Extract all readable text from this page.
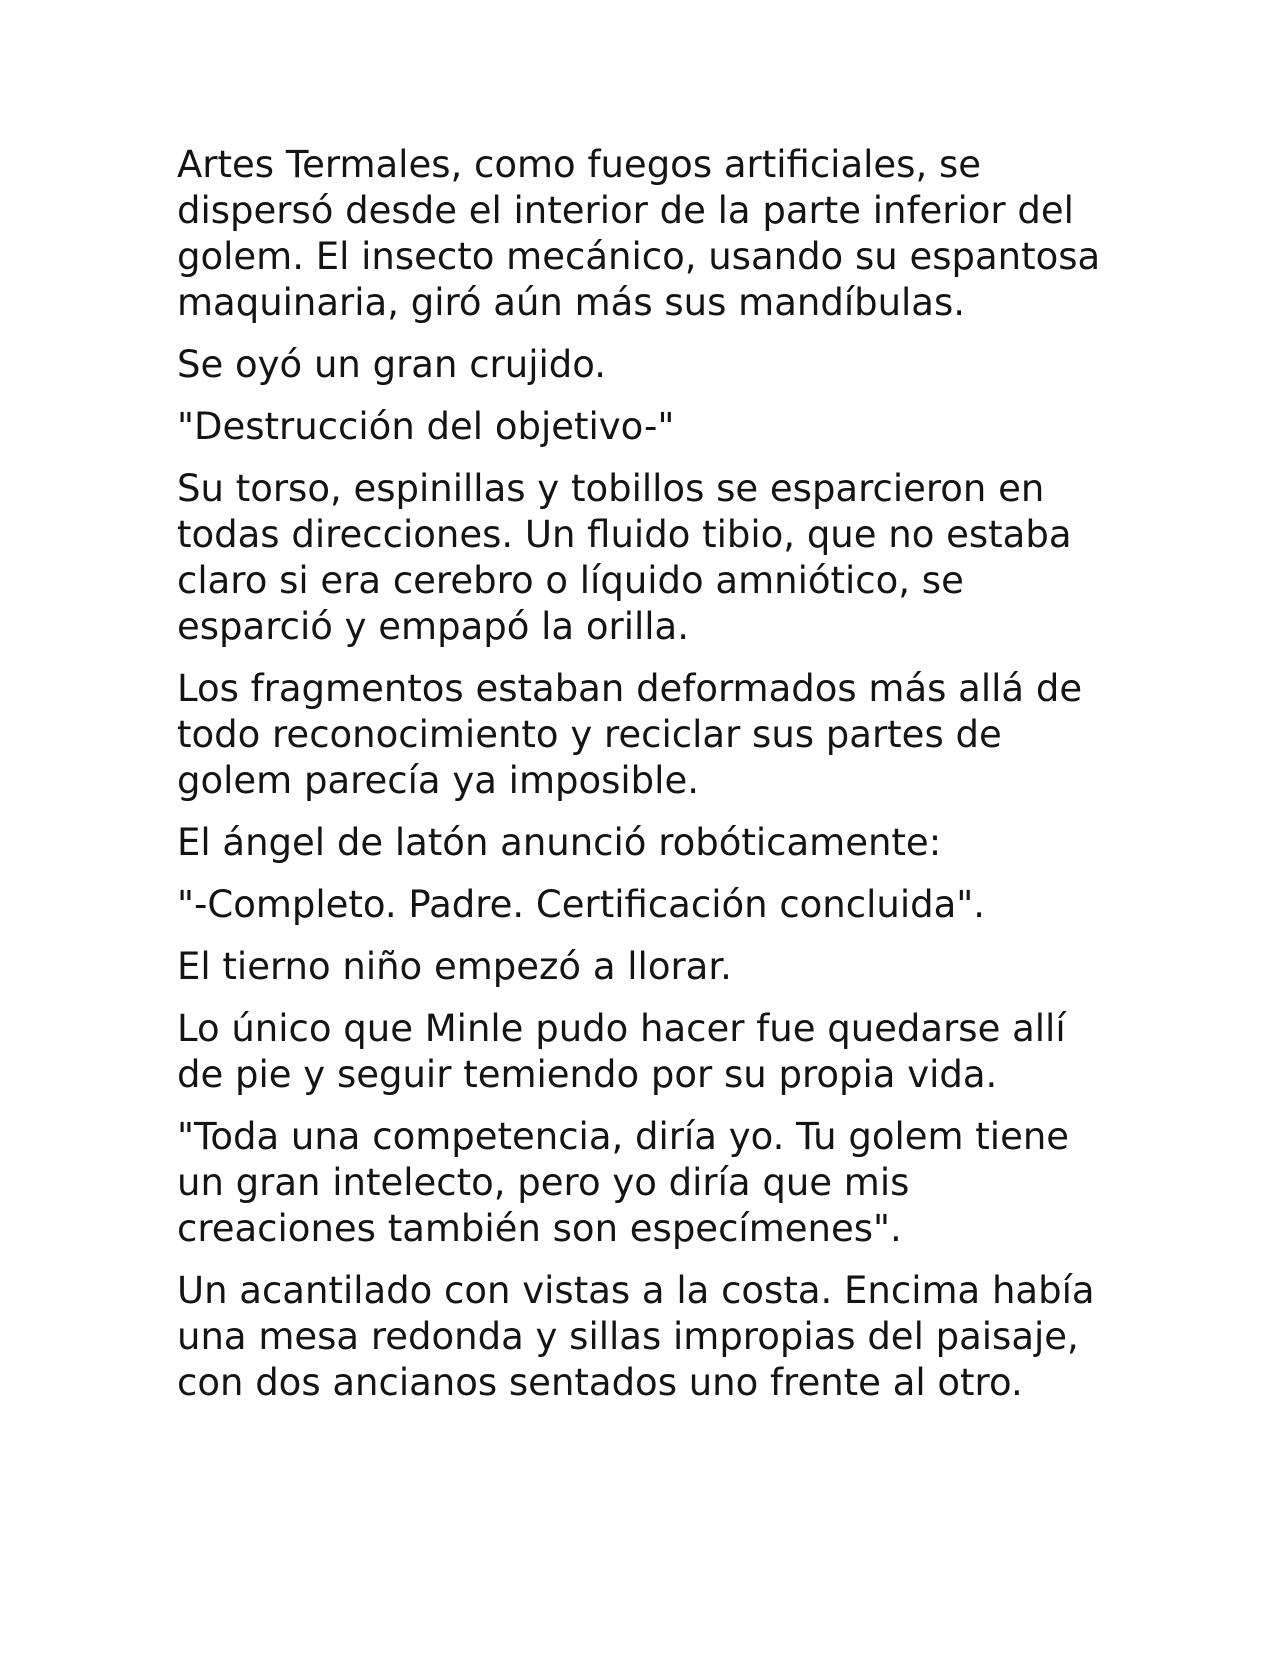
Artes Termales, como fuegos artificiales, se dispersó desde el interior de la parte inferior del golem. El insecto mecánico, usando su espantosa maquinaria, giró aún más sus mandíbulas.

Se oyó un gran crujido.

"Destrucción del objetivo-"

Su torso, espinillas y tobillos se esparcieron en todas direcciones. Un fluido tibio, que no estaba claro si era cerebro o líquido amniótico, se esparció y empapó la orilla.

Los fragmentos estaban deformados más allá de todo reconocimiento y reciclar sus partes de golem parecía ya imposible.

El ángel de latón anunció robóticamente:

"-Completo. Padre. Certificación concluida".

El tierno niño empezó a llorar.

Lo único que Minle pudo hacer fue quedarse allí de pie y seguir temiendo por su propia vida.

"Toda una competencia, diría yo. Tu golem tiene un gran intelecto, pero yo diría que mis creaciones también son especímenes".

Un acantilado con vistas a la costa. Encima había una mesa redonda y sillas impropias del paisaje, con dos ancianos sentados uno frente al otro.
